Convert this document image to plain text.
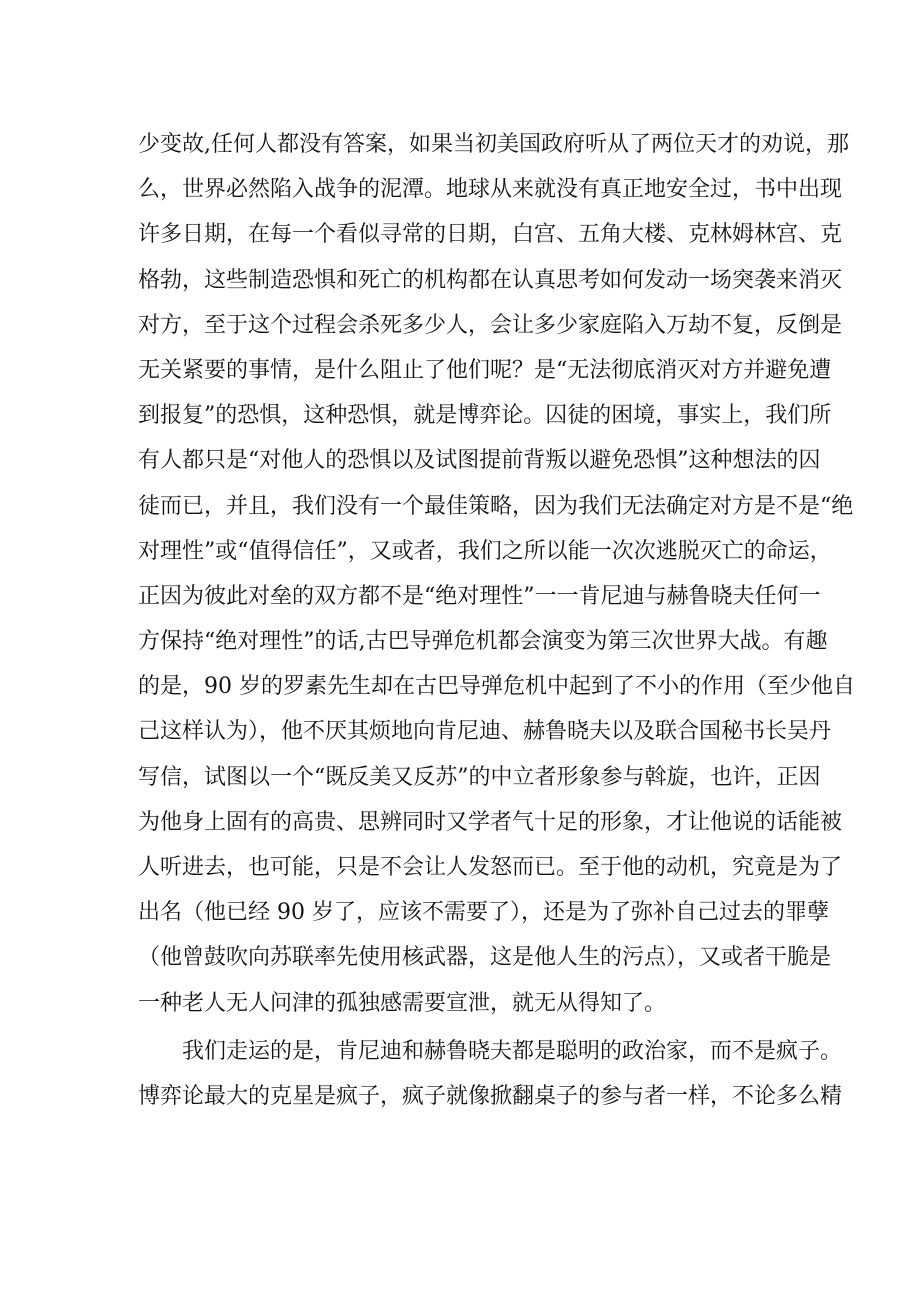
少变故,任何人都没有答案，如果当初美国政府听从了两位天才的劝说，那
么，世界必然陷入战争的泥潭。地球从来就没有真正地安全过，书中出现
许多日期，在每一个看似寻常的日期，白宫、五角大楼、克林姆林宫、克
格勃，这些制造恐惧和死亡的机构都在认真思考如何发动一场突袭来消灭
对方，至于这个过程会杀死多少人，会让多少家庭陷入万劫不复，反倒是
无关紧要的事情，是什么阻止了他们呢？是“无法彻底消灭对方并避免遭
到报复”的恐惧，这种恐惧，就是博弈论。囚徒的困境，事实上，我们所
有人都只是“对他人的恐惧以及试图提前背叛以避免恐惧”这种想法的囚
徒而已，并且，我们没有一个最佳策略，因为我们无法确定对方是不是“绝
对理性”或“值得信任”，又或者，我们之所以能一次次逃脱灭亡的命运，
正因为彼此对垒的双方都不是“绝对理性”一一肯尼迪与赫鲁晓夫任何一
方保持“绝对理性”的话,古巴导弹危机都会演变为第三次世界大战。有趣
的是，90 岁的罗素先生却在古巴导弹危机中起到了不小的作用（至少他自
己这样认为），他不厌其烦地向肯尼迪、赫鲁晓夫以及联合国秘书长吴丹
写信，试图以一个“既反美又反苏”的中立者形象参与斡旋，也许，正因
为他身上固有的高贵、思辨同时又学者气十足的形象，才让他说的话能被
人听进去，也可能，只是不会让人发怒而已。至于他的动机，究竟是为了
出名（他已经 90 岁了，应该不需要了），还是为了弥补自己过去的罪孽
（他曾鼓吹向苏联率先使用核武器，这是他人生的污点），又或者干脆是
一种老人无人问津的孤独感需要宣泄，就无从得知了。
我们走运的是，肯尼迪和赫鲁晓夫都是聪明的政治家，而不是疯子。
博弈论最大的克星是疯子，疯子就像掀翻桌子的参与者一样，不论多么精
